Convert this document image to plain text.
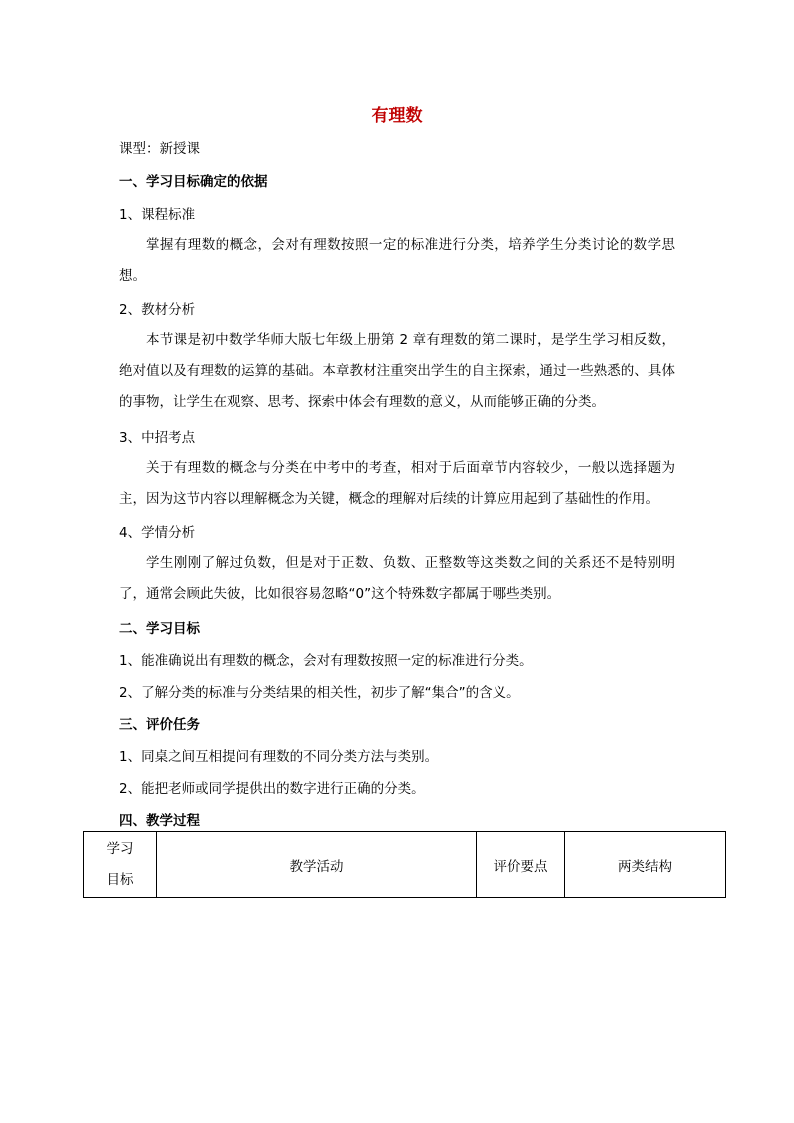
有理数
课型：新授课
一、学习目标确定的依据
1、课程标准
掌握有理数的概念，会对有理数按照一定的标准进行分类，培养学生分类讨论的数学思想。
2、教材分析
本节课是初中数学华师大版七年级上册第 2 章有理数的第二课时，是学生学习相反数，绝对值以及有理数的运算的基础。本章教材注重突出学生的自主探索，通过一些熟悉的、具体的事物，让学生在观察、思考、探索中体会有理数的意义，从而能够正确的分类。
3、中招考点
关于有理数的概念与分类在中考中的考查，相对于后面章节内容较少，一般以选择题为主，因为这节内容以理解概念为关键，概念的理解对后续的计算应用起到了基础性的作用。
4、学情分析
学生刚刚了解过负数，但是对于正数、负数、正整数等这类数之间的关系还不是特别明了，通常会顾此失彼，比如很容易忽略“0”这个特殊数字都属于哪些类别。
二、学习目标
1、能准确说出有理数的概念，会对有理数按照一定的标准进行分类。
2、了解分类的标准与分类结果的相关性，初步了解“集合”的含义。
三、评价任务
1、同桌之间互相提问有理数的不同分类方法与类别。
2、能把老师或同学提供出的数字进行正确的分类。
四、教学过程
学习
目标
	教学活动	评价要点	两类结构
